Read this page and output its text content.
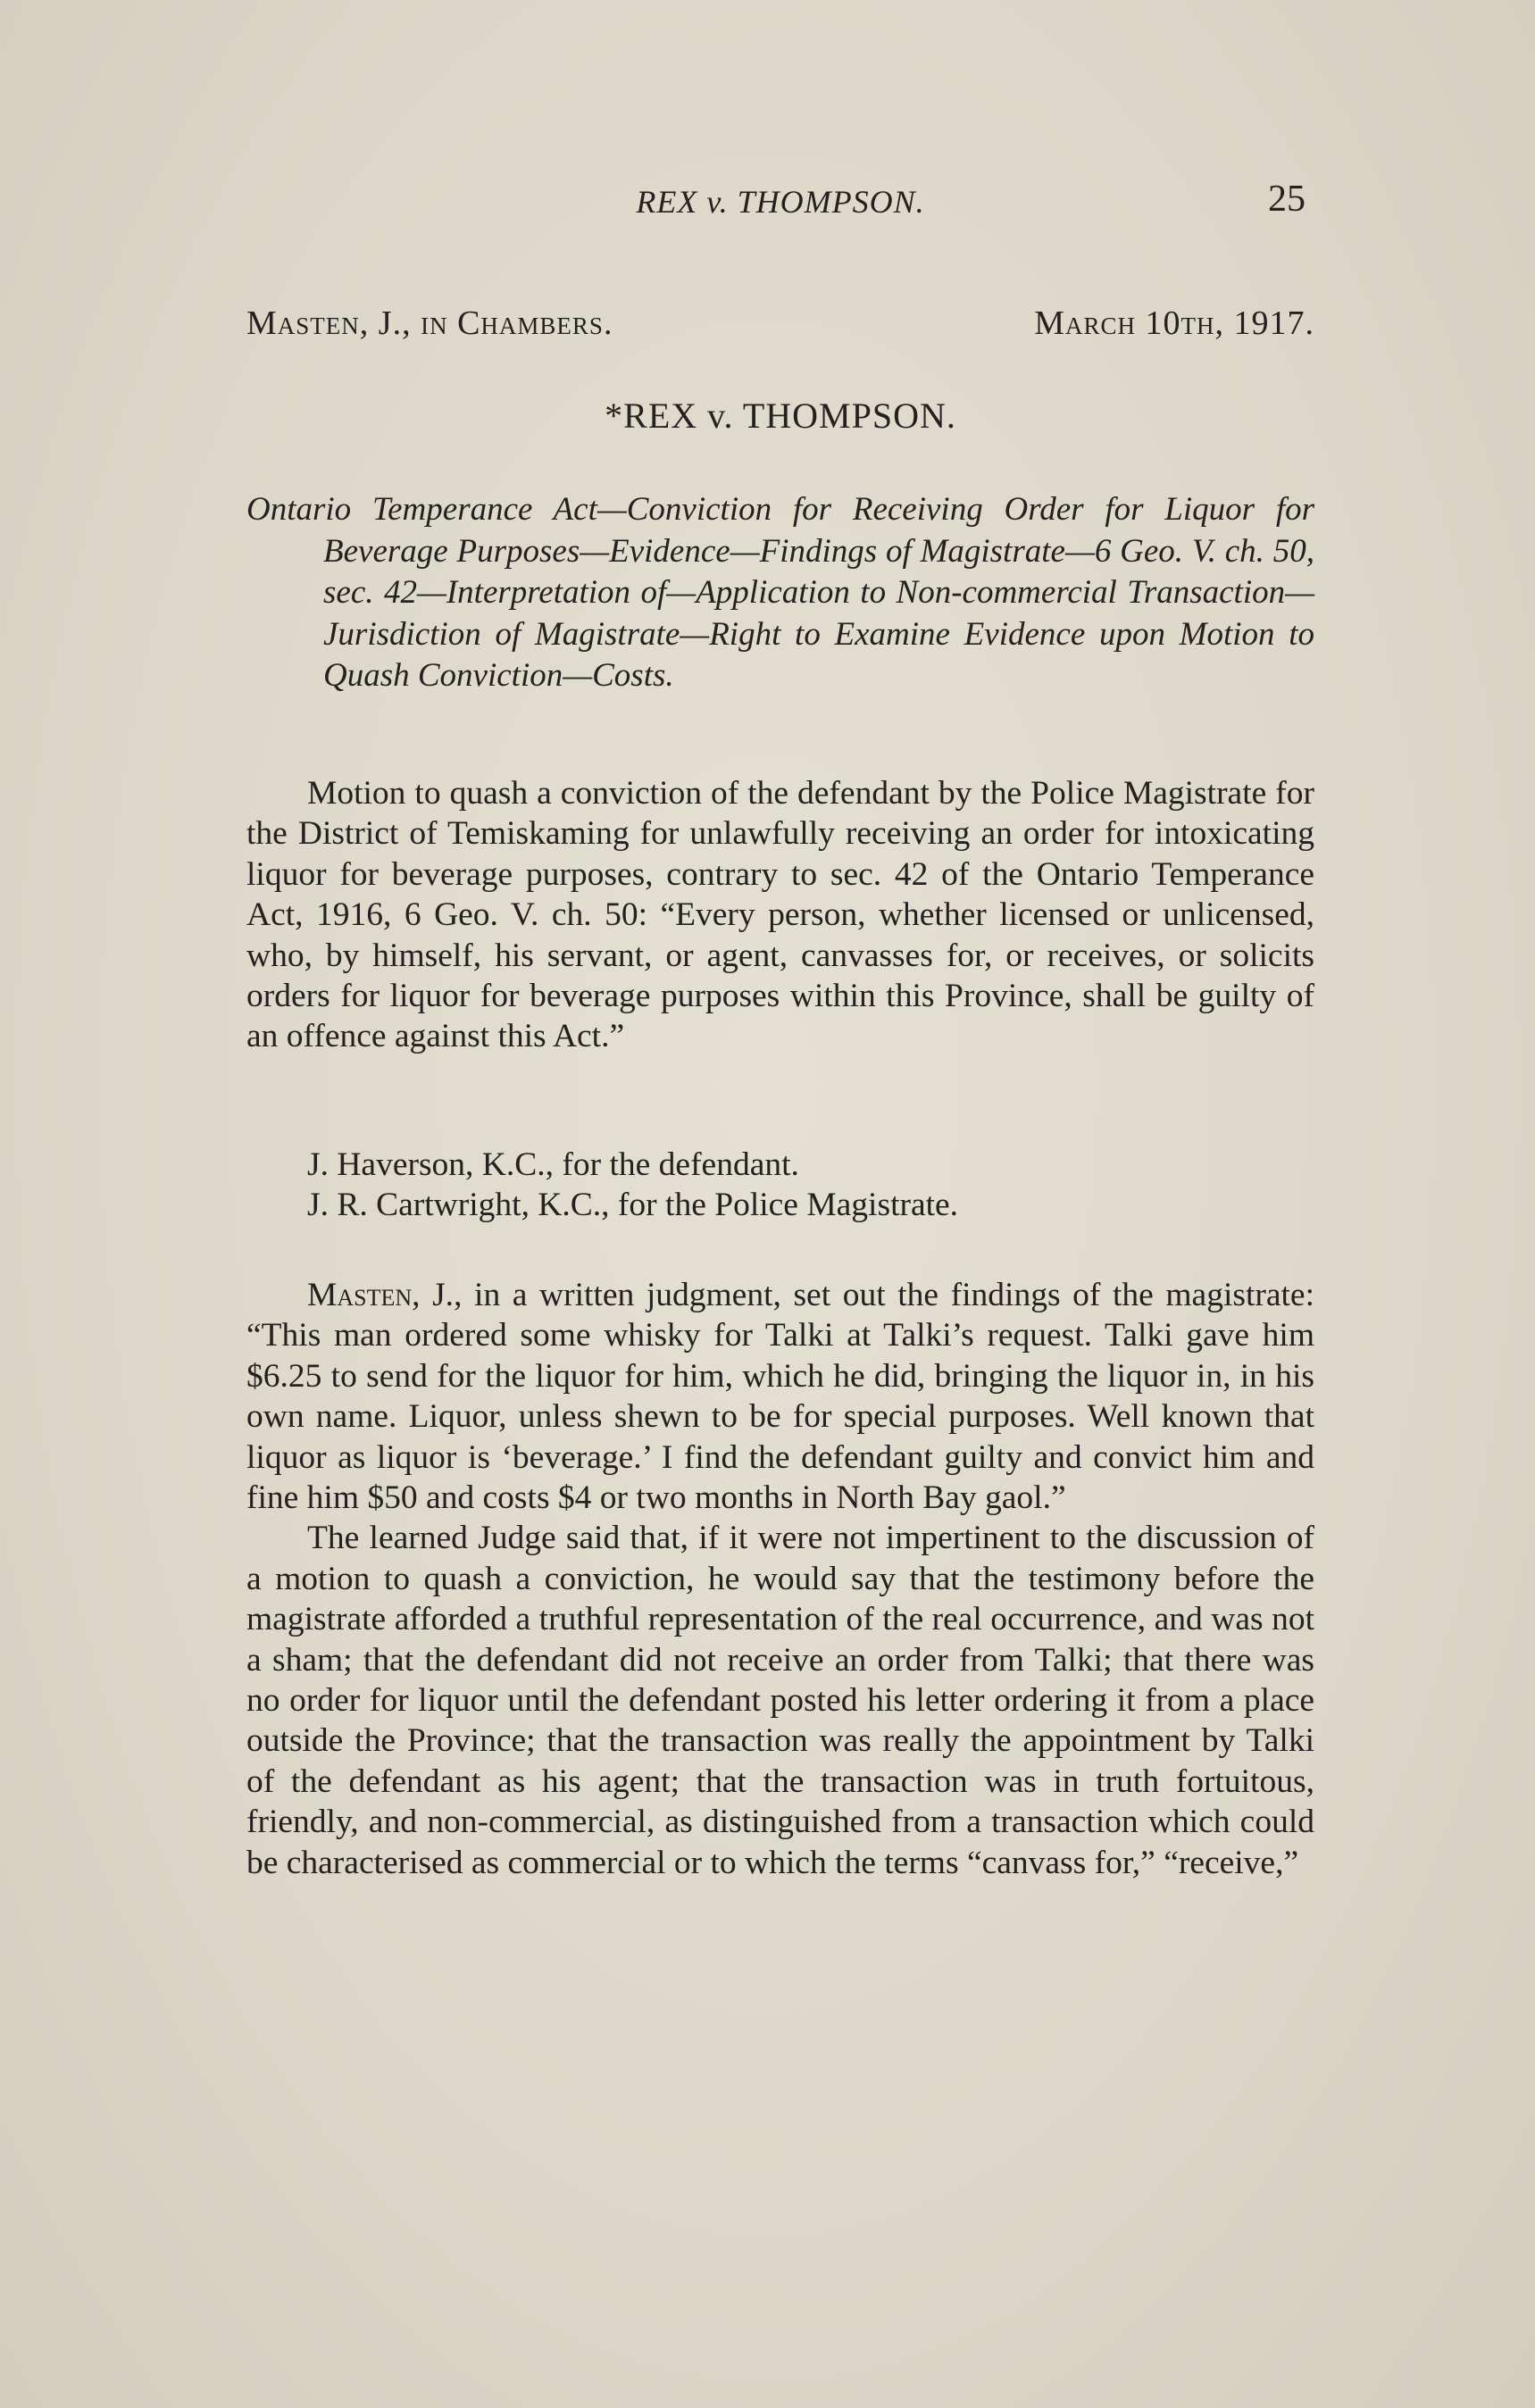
REX v. THOMPSON.	25
Masten, J., in Chambers.	March 10th, 1917.
*REX v. THOMPSON.
Ontario Temperance Act—Conviction for Receiving Order for Liquor for Beverage Purposes—Evidence—Findings of Magistrate—6 Geo. V. ch. 50, sec. 42—Interpretation of—Application to Non-commercial Transaction—Jurisdiction of Magistrate—Right to Examine Evidence upon Motion to Quash Conviction—Costs.

Motion to quash a conviction of the defendant by the Police Magistrate for the District of Temiskaming for unlawfully receiving an order for intoxicating liquor for beverage purposes, contrary to sec. 42 of the Ontario Temperance Act, 1916, 6 Geo. V. ch. 50: “Every person, whether licensed or unlicensed, who, by himself, his servant, or agent, canvasses for, or receives, or solicits orders for liquor for beverage purposes within this Province, shall be guilty of an offence against this Act.”

J. Haverson, K.C., for the defendant.
J. R. Cartwright, K.C., for the Police Magistrate.

Masten, J., in a written judgment, set out the findings of the magistrate: “This man ordered some whisky for Talki at Talki’s request. Talki gave him $6.25 to send for the liquor for him, which he did, bringing the liquor in, in his own name. Liquor, unless shewn to be for special purposes. Well known that liquor as liquor is ‘beverage.’ I find the defendant guilty and convict him and fine him $50 and costs $4 or two months in North Bay gaol.”

The learned Judge said that, if it were not impertinent to the discussion of a motion to quash a conviction, he would say that the testimony before the magistrate afforded a truthful representation of the real occurrence, and was not a sham; that the defendant did not receive an order from Talki; that there was no order for liquor until the defendant posted his letter ordering it from a place outside the Province; that the transaction was really the appointment by Talki of the defendant as his agent; that the transaction was in truth fortuitous, friendly, and non-commercial, as distinguished from a transaction which could be characterised as commercial or to which the terms “canvass for,” “receive,”
